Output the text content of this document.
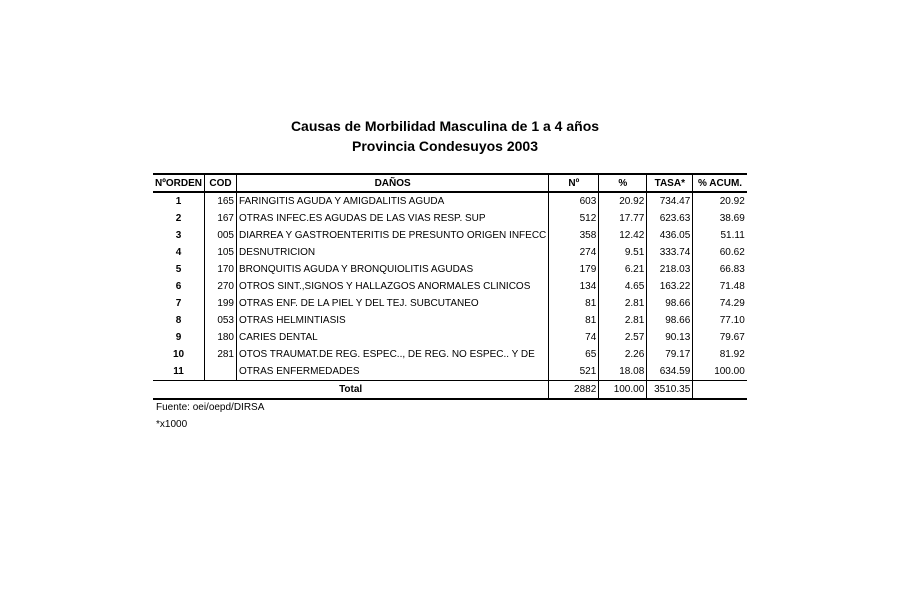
Causas de Morbilidad Masculina de 1 a 4 años
Provincia Condesuyos 2003
NºORDEN	COD	DAÑOS	Nº	%	TASA*	% ACUM.
1	165	FARINGITIS AGUDA Y AMIGDALITIS AGUDA	603	20.92	734.47	20.92
2	167	OTRAS INFEC.ES AGUDAS DE LAS VIAS RESP. SUP	512	17.77	623.63	38.69
3	005	DIARREA Y GASTROENTERITIS DE PRESUNTO ORIGEN INFECC	358	12.42	436.05	51.11
4	105	DESNUTRICION	274	9.51	333.74	60.62
5	170	BRONQUITIS AGUDA Y BRONQUIOLITIS AGUDAS	179	6.21	218.03	66.83
6	270	OTROS SINT.,SIGNOS Y HALLAZGOS ANORMALES CLINICOS	134	4.65	163.22	71.48
7	199	OTRAS ENF. DE LA PIEL Y DEL TEJ. SUBCUTANEO	81	2.81	98.66	74.29
8	053	OTRAS HELMINTIASIS	81	2.81	98.66	77.10
9	180	CARIES DENTAL	74	2.57	90.13	79.67
10	281	OTOS TRAUMAT.DE REG. ESPEC.., DE REG. NO ESPEC.. Y DE	65	2.26	79.17	81.92
11		OTRAS ENFERMEDADES	521	18.08	634.59	100.00
Total			2882	100.00	3510.35	
Fuente: oei/oepd/DIRSA
*x1000
